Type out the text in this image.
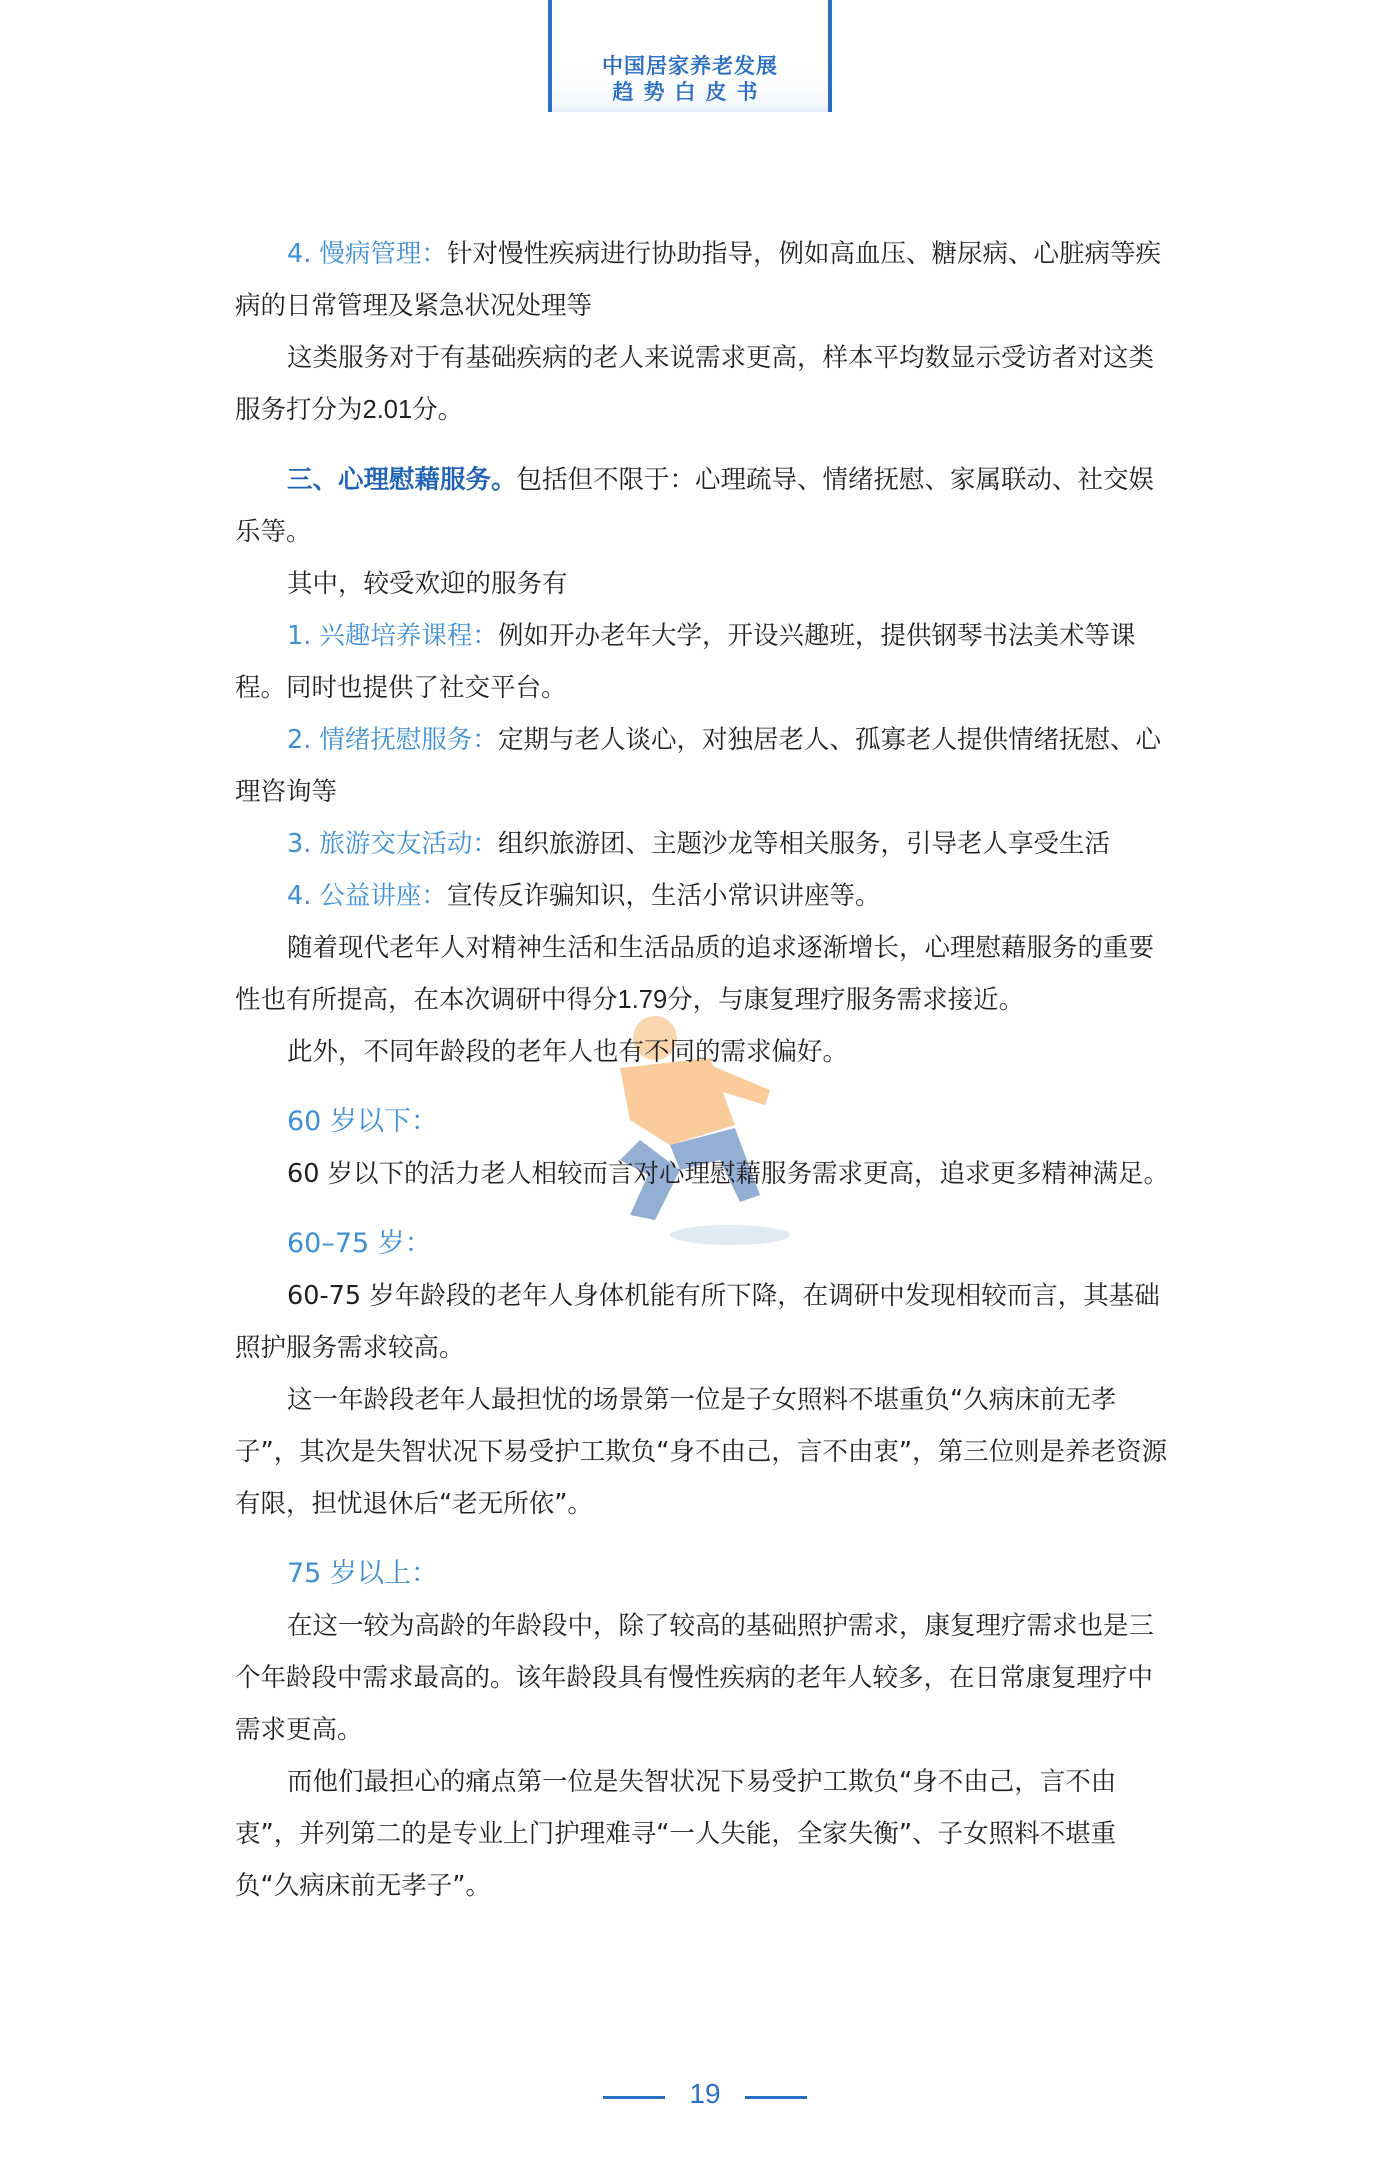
中国居家养老发展
趋势白皮书

4. 慢病管理：针对慢性疾病进行协助指导，例如高血压、糖尿病、心脏病等疾病的日常管理及紧急状况处理等

这类服务对于有基础疾病的老人来说需求更高，样本平均数显示受访者对这类服务打分为2.01分。

三、心理慰藉服务。包括但不限于：心理疏导、情绪抚慰、家属联动、社交娱乐等。

其中，较受欢迎的服务有

1. 兴趣培养课程：例如开办老年大学，开设兴趣班，提供钢琴书法美术等课程。同时也提供了社交平台。

2. 情绪抚慰服务：定期与老人谈心，对独居老人、孤寡老人提供情绪抚慰、心理咨询等

3. 旅游交友活动：组织旅游团、主题沙龙等相关服务，引导老人享受生活

4. 公益讲座：宣传反诈骗知识，生活小常识讲座等。

随着现代老年人对精神生活和生活品质的追求逐渐增长，心理慰藉服务的重要性也有所提高，在本次调研中得分1.79分，与康复理疗服务需求接近。

此外，不同年龄段的老年人也有不同的需求偏好。

60 岁以下：

60 岁以下的活力老人相较而言对心理慰藉服务需求更高，追求更多精神满足。

60–75 岁：

60-75 岁年龄段的老年人身体机能有所下降，在调研中发现相较而言，其基础照护服务需求较高。

这一年龄段老年人最担忧的场景第一位是子女照料不堪重负“久病床前无孝子”，其次是失智状况下易受护工欺负“身不由己，言不由衷”，第三位则是养老资源有限，担忧退休后“老无所依”。

75 岁以上：

在这一较为高龄的年龄段中，除了较高的基础照护需求，康复理疗需求也是三个年龄段中需求最高的。该年龄段具有慢性疾病的老年人较多，在日常康复理疗中需求更高。

而他们最担心的痛点第一位是失智状况下易受护工欺负“身不由己，言不由衷”，并列第二的是专业上门护理难寻“一人失能，全家失衡”、子女照料不堪重负“久病床前无孝子”。

19
